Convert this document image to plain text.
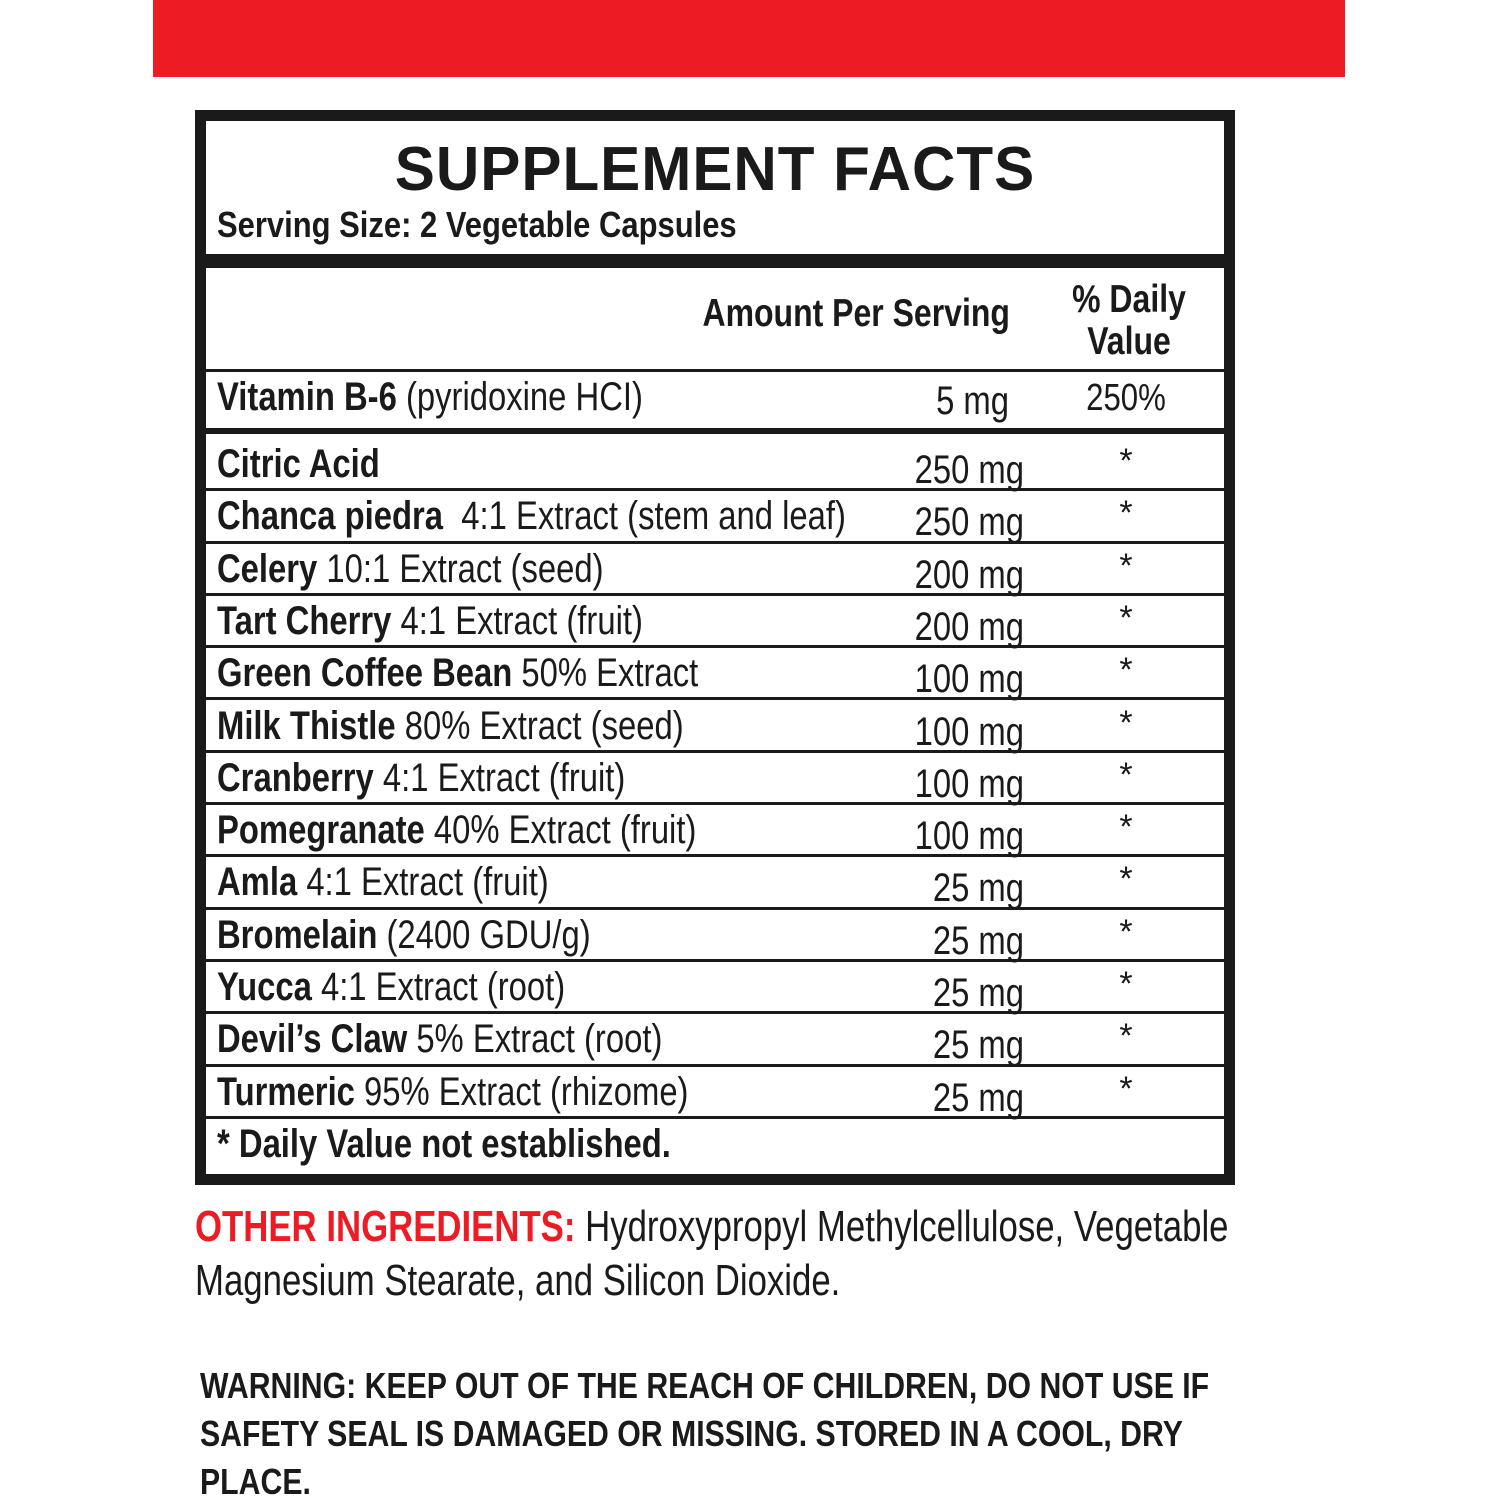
SUPPLEMENT FACTS
Serving Size: 2 Vegetable Capsules
Amount Per Serving % Daily
Value
Vitamin B-6 (pyridoxine HCI)	5 mg	250%
Citric Acid	250 mg	*
Chanca piedra  4:1 Extract (stem and leaf)	250 mg	*
Celery 10:1 Extract (seed)	200 mg	*
Tart Cherry 4:1 Extract (fruit)	200 mg	*
Green Coffee Bean 50% Extract	100 mg	*
Milk Thistle 80% Extract (seed)	100 mg	*
Cranberry 4:1 Extract (fruit)	100 mg	*
Pomegranate 40% Extract (fruit)	100 mg	*
Amla 4:1 Extract (fruit)	25 mg	*
Bromelain (2400 GDU/g)	25 mg	*
Yucca 4:1 Extract (root)	25 mg	*
Devil’s Claw 5% Extract (root)	25 mg	*
Turmeric 95% Extract (rhizome)	25 mg	*
* Daily Value not established.
OTHER INGREDIENTS: Hydroxypropyl Methylcellulose, Vegetable
Magnesium Stearate, and Silicon Dioxide.
WARNING: KEEP OUT OF THE REACH OF CHILDREN, DO NOT USE IF
SAFETY SEAL IS DAMAGED OR MISSING. STORED IN A COOL, DRY
PLACE.
